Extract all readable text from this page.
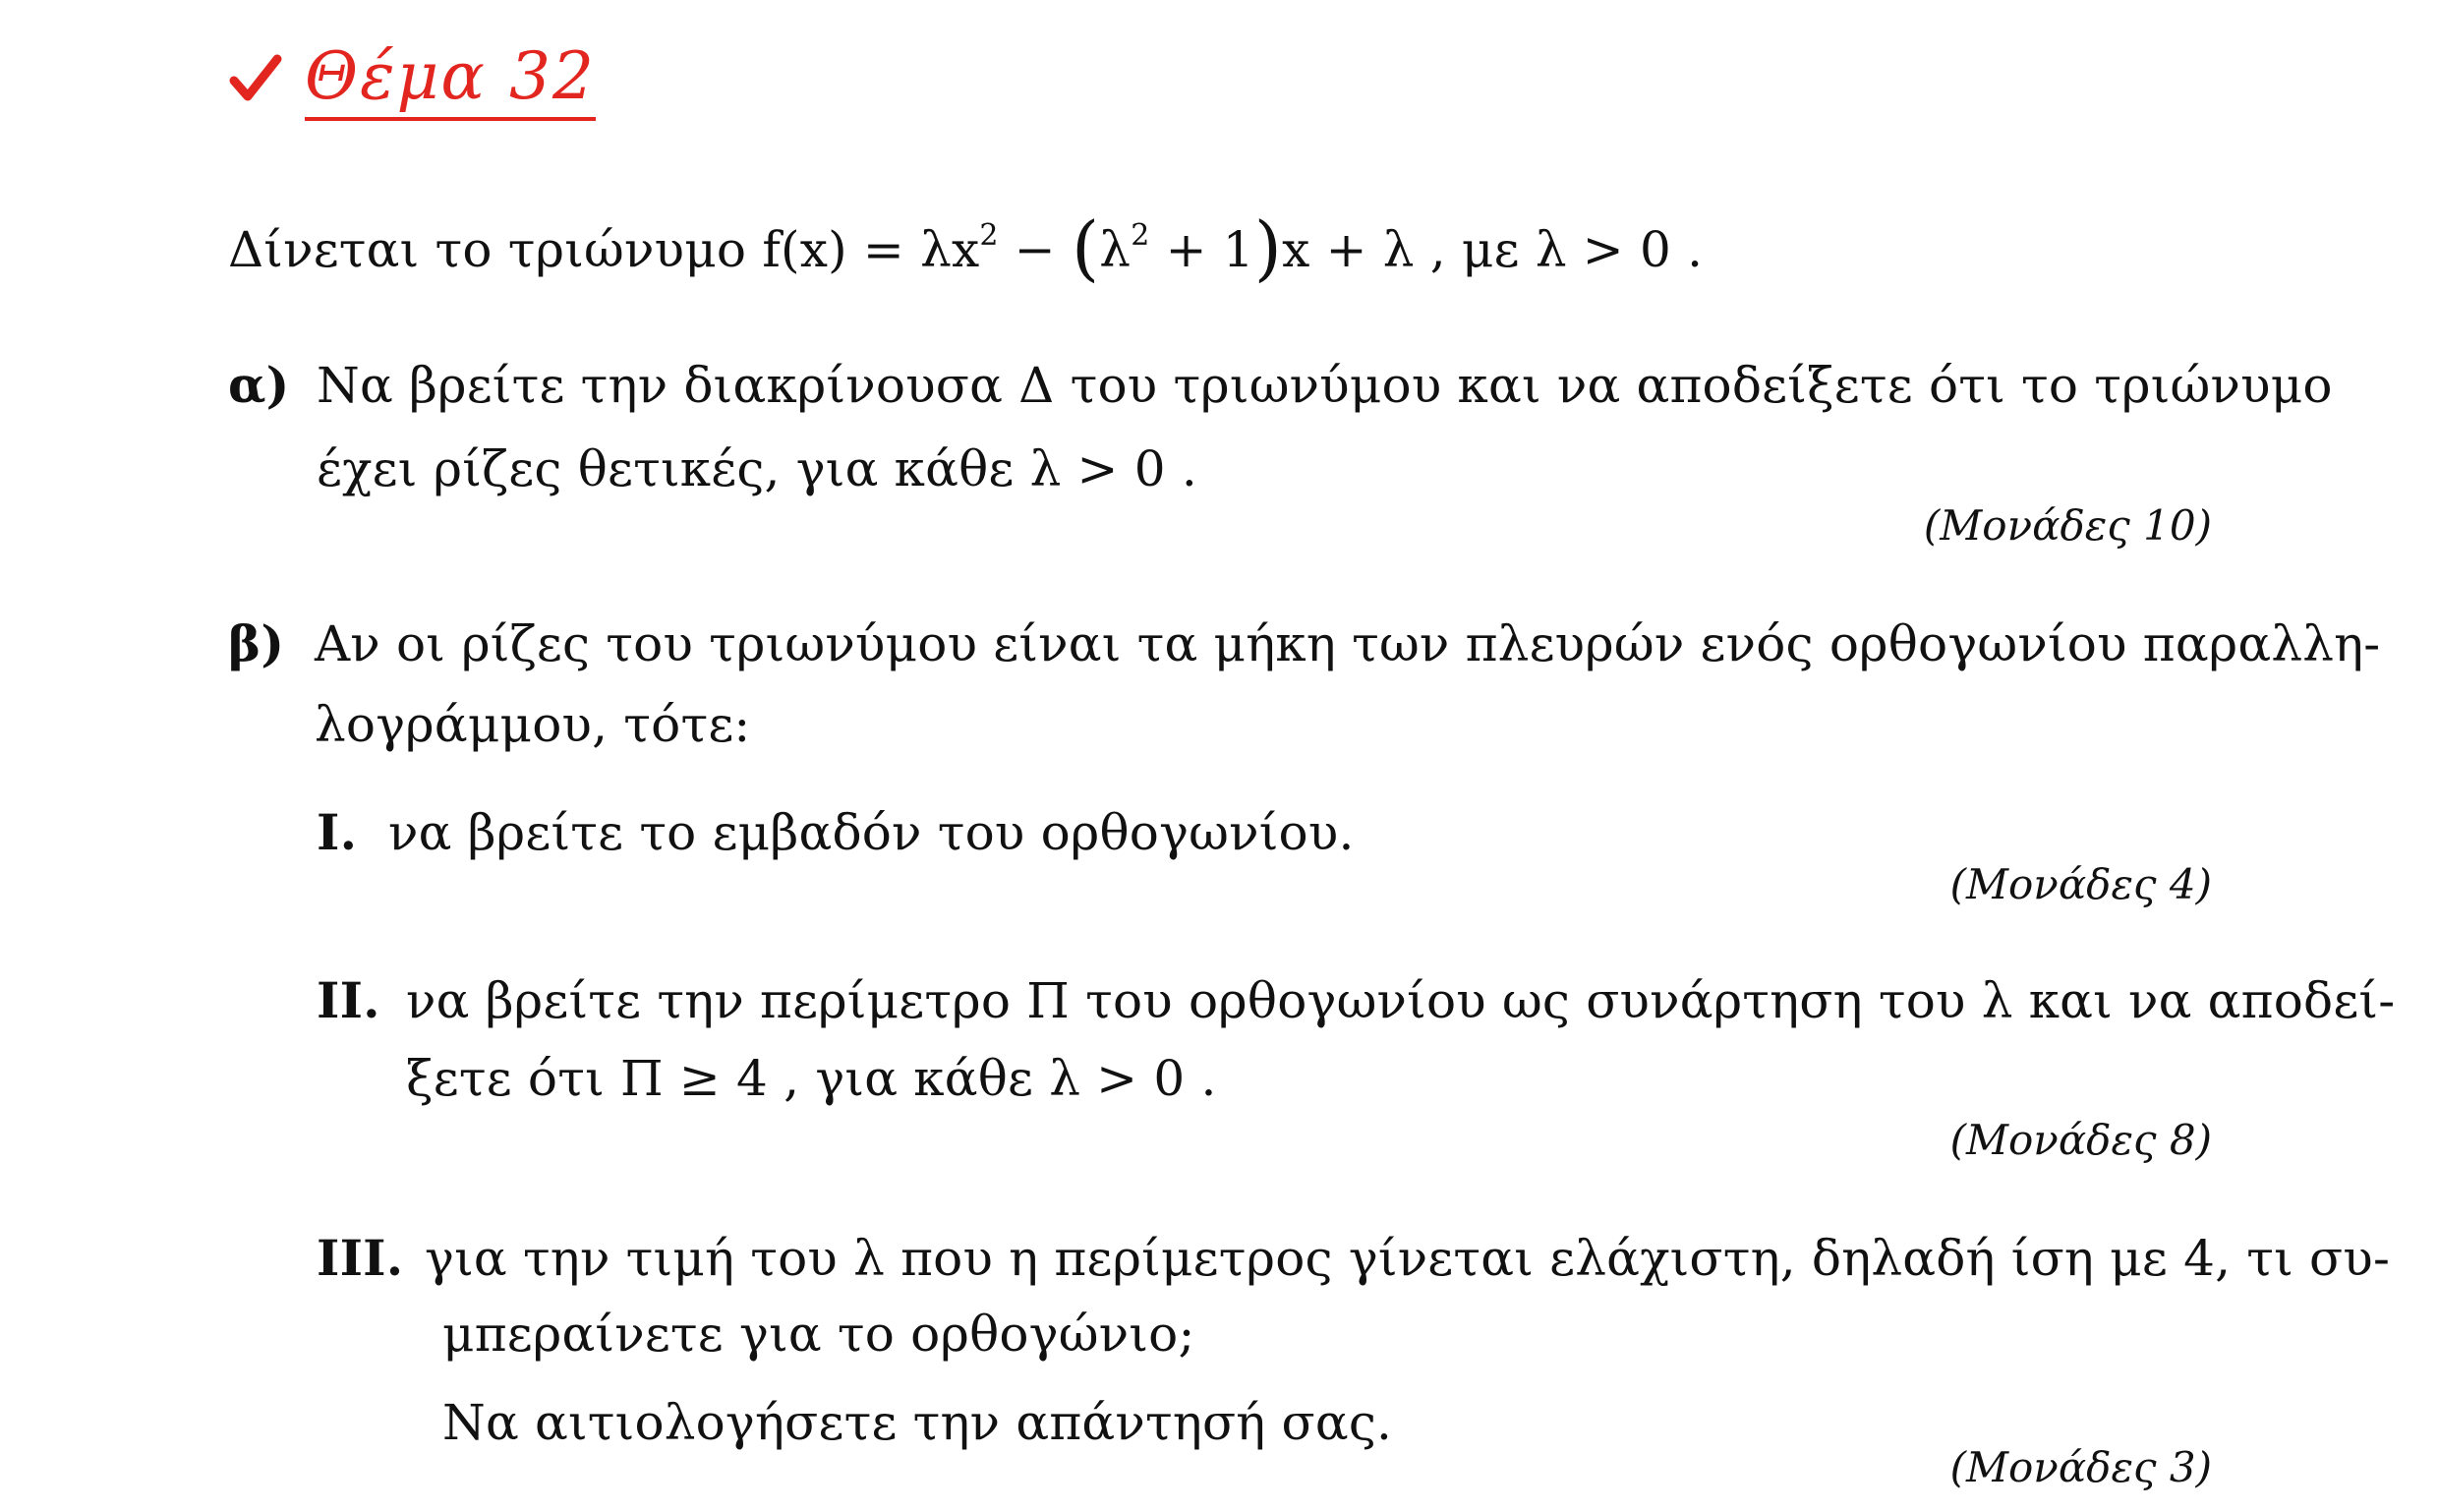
Θέμα 32
Δίνεται το τριώνυμο $f(x) = \lambda x^2 - (\lambda^2 + 1)x + \lambda$ , με λ > 0 .
α) Να βρείτε την διακρίνουσα Δ του τριωνύμου και να αποδείξετε ότι το τριώνυμο
έχει ρίζες θετικές, για κάθε λ > 0 .
(Μονάδες 10)
β) Αν οι ρίζες του τριωνύμου είναι τα μήκη των πλευρών ενός ορθογωνίου παραλλη-
λογράμμου, τότε:
Ι. να βρείτε το εμβαδόν του ορθογωνίου.
(Μονάδες 4)
ΙΙ. να βρείτε την περίμετρο Π του ορθογωνίου ως συνάρτηση του λ και να αποδεί-
ξετε ότι Π ≥ 4 , για κάθε λ > 0 .
(Μονάδες 8)
ΙΙΙ. για την τιμή του λ που η περίμετρος γίνεται ελάχιστη, δηλαδή ίση με 4, τι συ-
μπεραίνετε για το ορθογώνιο;
Να αιτιολογήσετε την απάντησή σας.
(Μονάδες 3)
